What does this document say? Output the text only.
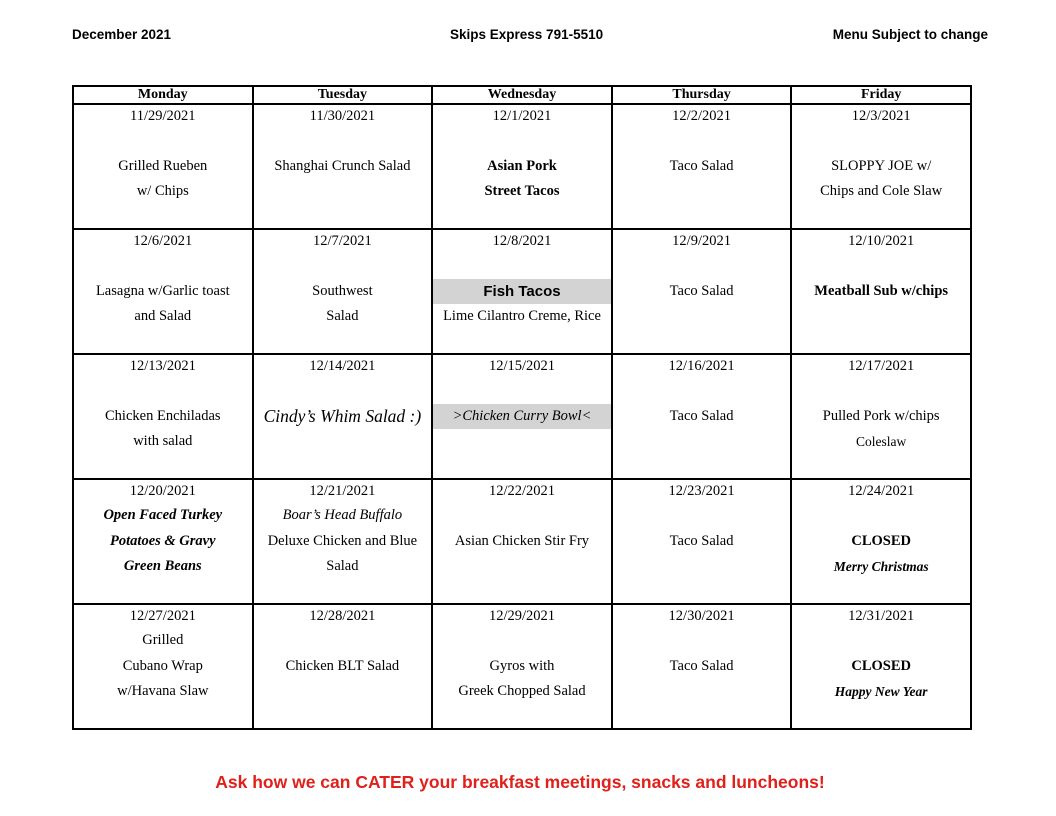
December 2021	Skips Express 791-5510	Menu Subject to change
Monday	Tuesday	Wednesday	Thursday	Friday

11/29/2021
Grilled Rueben
w/ Chips	11/30/2021
Shanghai Crunch Salad	12/1/2021
Asian Pork
Street Tacos	12/2/2021
Taco Salad	12/3/2021
SLOPPY JOE w/
Chips and Cole Slaw

12/6/2021
Lasagna w/Garlic toast
and Salad	12/7/2021
Southwest
Salad	12/8/2021
Fish Tacos
Lime Cilantro Creme, Rice	12/9/2021
Taco Salad	12/10/2021
Meatball Sub w/chips

12/13/2021
Chicken Enchiladas
with salad	12/14/2021
Cindy’s Whim Salad :)	12/15/2021
>Chicken Curry Bowl<	12/16/2021
Taco Salad	12/17/2021
Pulled Pork w/chips
Coleslaw

12/20/2021
Open Faced Turkey
Potatoes & Gravy
Green Beans	12/21/2021
Boar’s Head Buffalo
Deluxe Chicken and Blue
Salad	12/22/2021
Asian Chicken Stir Fry	12/23/2021
Taco Salad	12/24/2021
CLOSED
Merry Christmas

12/27/2021
Grilled
Cubano Wrap
w/Havana Slaw	12/28/2021
Chicken BLT Salad	12/29/2021
Gyros with
Greek Chopped Salad	12/30/2021
Taco Salad	12/31/2021
CLOSED
Happy New Year
Ask how we can CATER your breakfast meetings, snacks and luncheons!
